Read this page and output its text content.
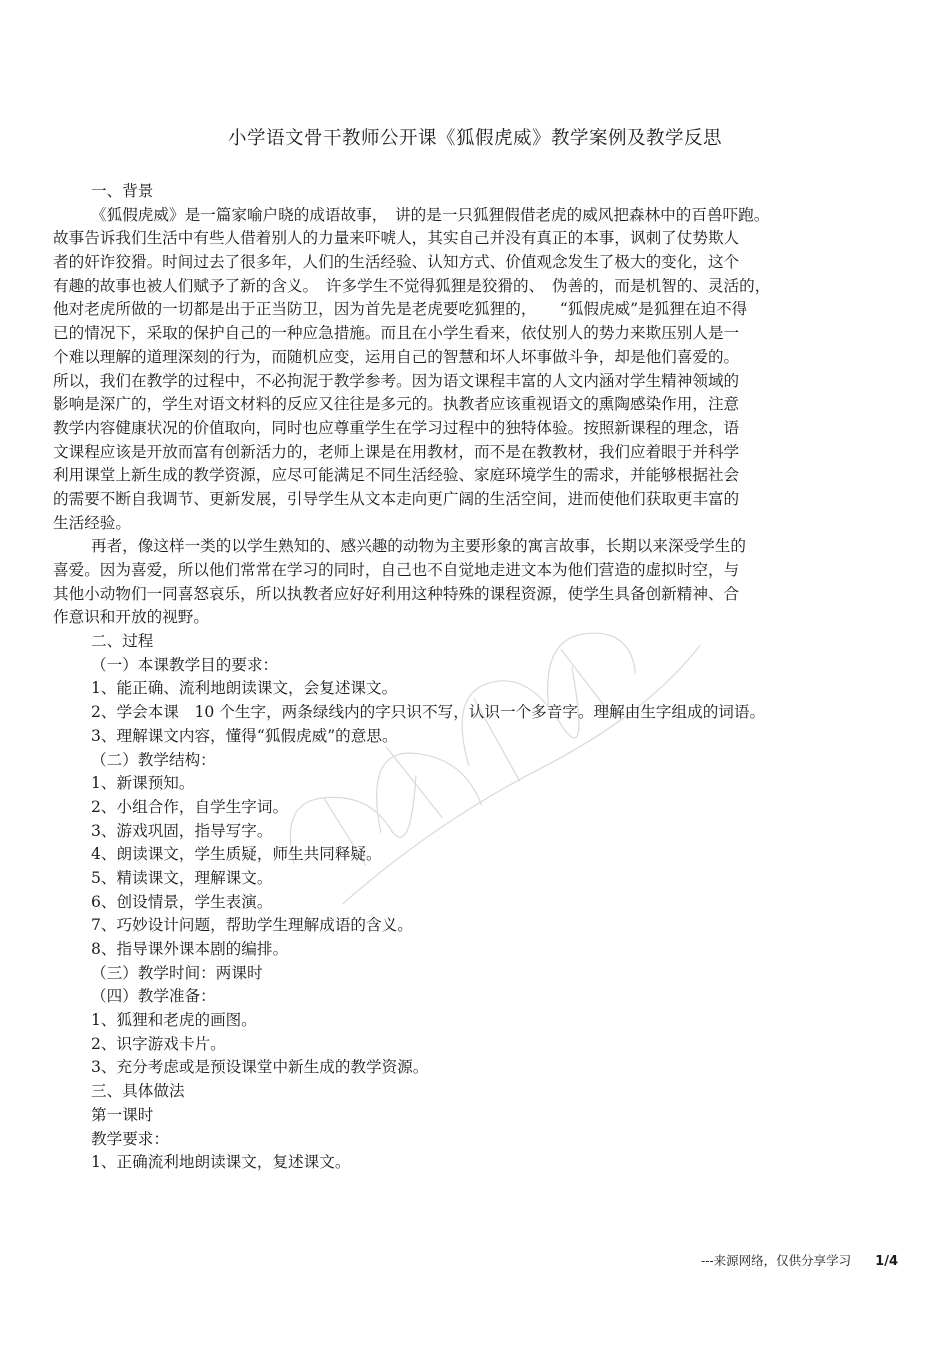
小学语文骨干教师公开课《狐假虎威》教学案例及教学反思
一、背景
《狐假虎威》是一篇家喻户晓的成语故事，　讲的是一只狐狸假借老虎的威风把森林中的百兽吓跑。
故事告诉我们生活中有些人借着别人的力量来吓唬人，其实自己并没有真正的本事，讽刺了仗势欺人
者的奸诈狡猾。时间过去了很多年，人们的生活经验、认知方式、价值观念发生了极大的变化，这个
有趣的故事也被人们赋予了新的含义。　许多学生不觉得狐狸是狡猾的、　伪善的，而是机智的、灵活的，
他对老虎所做的一切都是出于正当防卫，因为首先是老虎要吃狐狸的，　　“狐假虎威”是狐狸在迫不得
已的情况下，采取的保护自己的一种应急措施。而且在小学生看来，依仗别人的势力来欺压别人是一
个难以理解的道理深刻的行为，而随机应变，运用自己的智慧和坏人坏事做斗争，却是他们喜爱的。
所以，我们在教学的过程中，不必拘泥于教学参考。因为语文课程丰富的人文内涵对学生精神领域的
影响是深广的，学生对语文材料的反应又往往是多元的。执教者应该重视语文的熏陶感染作用，注意
教学内容健康状况的价值取向，同时也应尊重学生在学习过程中的独特体验。按照新课程的理念，语
文课程应该是开放而富有创新活力的，老师上课是在用教材，而不是在教教材，我们应着眼于并科学
利用课堂上新生成的教学资源，应尽可能满足不同生活经验、家庭环境学生的需求，并能够根据社会
的需要不断自我调节、更新发展，引导学生从文本走向更广阔的生活空间，进而使他们获取更丰富的
生活经验。
再者，像这样一类的以学生熟知的、感兴趣的动物为主要形象的寓言故事，长期以来深受学生的
喜爱。因为喜爱，所以他们常常在学习的同时，自己也不自觉地走进文本为他们营造的虚拟时空，与
其他小动物们一同喜怒哀乐，所以执教者应好好利用这种特殊的课程资源，使学生具备创新精神、合
作意识和开放的视野。
二、过程
（一）本课教学目的要求：
1、能正确、流利地朗读课文，会复述课文。
2、学会本课　10 个生字，两条绿线内的字只识不写，认识一个多音字。理解由生字组成的词语。
3、理解课文内容，懂得“狐假虎威”的意思。
（二）教学结构：
1、新课预知。
2、小组合作，自学生字词。
3、游戏巩固，指导写字。
4、朗读课文，学生质疑，师生共同释疑。
5、精读课文，理解课文。
6、创设情景，学生表演。
7、巧妙设计问题，帮助学生理解成语的含义。
8、指导课外课本剧的编排。
（三）教学时间：两课时
（四）教学准备：
1、狐狸和老虎的画图。
2、识字游戏卡片。
3、充分考虑或是预设课堂中新生成的教学资源。
三、具体做法
第一课时
教学要求：
1、正确流利地朗读课文，复述课文。
---来源网络，仅供分享学习 1/4
